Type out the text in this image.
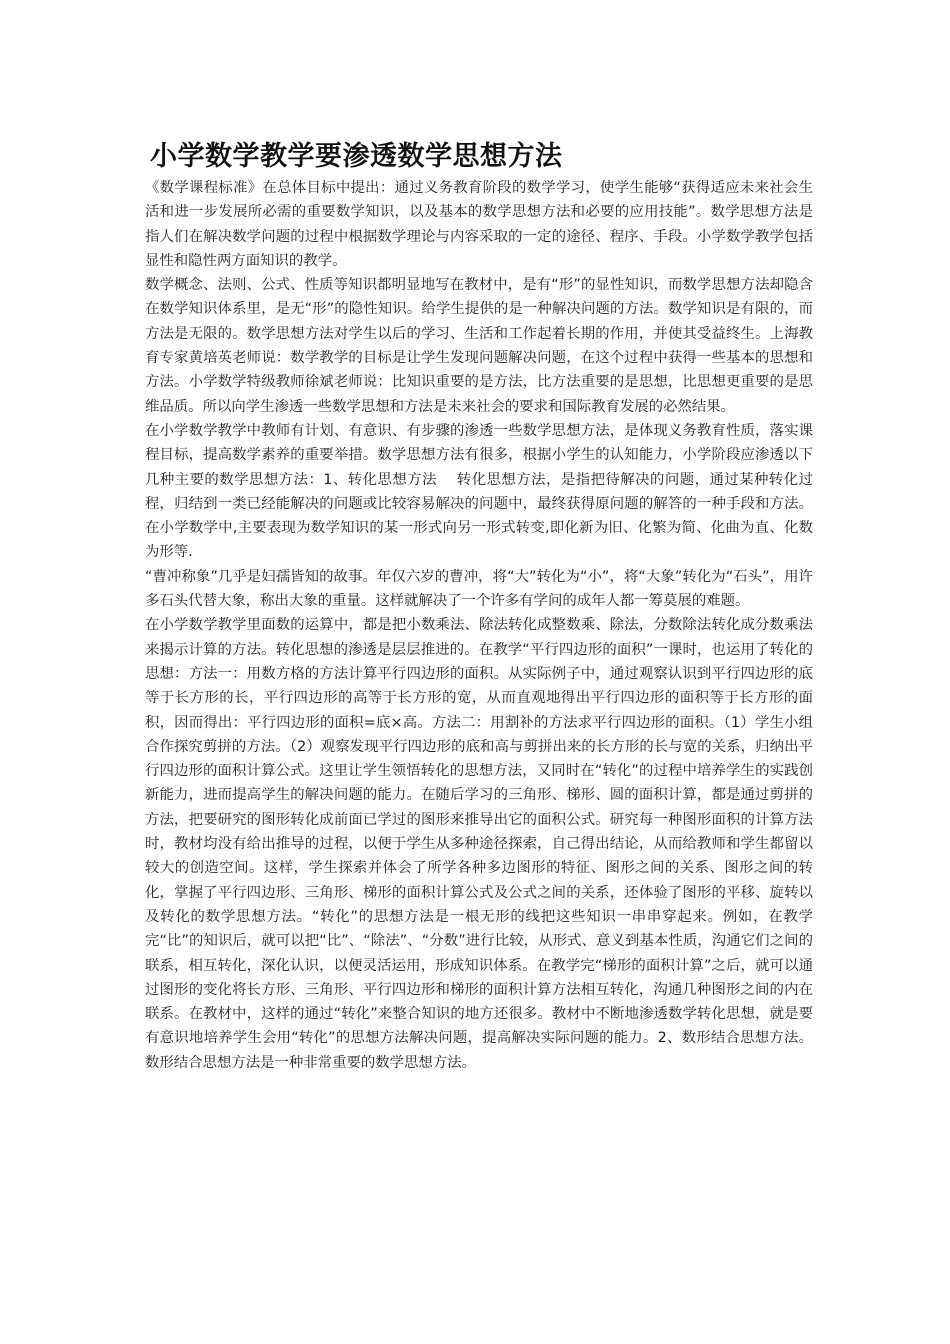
小学数学教学要渗透数学思想方法

《数学课程标准》在总体目标中提出：通过义务教育阶段的数学学习，使学生能够“获得适应未来社会生活和进一步发展所必需的重要数学知识，以及基本的数学思想方法和必要的应用技能”。数学思想方法是指人们在解决数学问题的过程中根据数学理论与内容采取的一定的途径、程序、手段。小学数学教学包括显性和隐性两方面知识的教学。

数学概念、法则、公式、性质等知识都明显地写在教材中，是有“形”的显性知识，而数学思想方法却隐含在数学知识体系里，是无“形”的隐性知识。给学生提供的是一种解决问题的方法。数学知识是有限的，而方法是无限的。数学思想方法对学生以后的学习、生活和工作起着长期的作用，并使其受益终生。上海教育专家黄培英老师说：数学教学的目标是让学生发现问题解决问题，在这个过程中获得一些基本的思想和方法。小学数学特级教师徐斌老师说：比知识重要的是方法，比方法重要的是思想，比思想更重要的是思维品质。所以向学生渗透一些数学思想和方法是未来社会的要求和国际教育发展的必然结果。

在小学数学教学中教师有计划、有意识、有步骤的渗透一些数学思想方法，是体现义务教育性质，落实课程目标，提高数学素养的重要举措。数学思想方法有很多，根据小学生的认知能力，小学阶段应渗透以下几种主要的数学思想方法：1、转化思想方法　 转化思想方法，是指把待解决的问题，通过某种转化过程，归结到一类已经能解决的问题或比较容易解决的问题中，最终获得原问题的解答的一种手段和方法。在小学数学中,主要表现为数学知识的某一形式向另一形式转变,即化新为旧、化繁为简、化曲为直、化数为形等.

“曹冲称象”几乎是妇孺皆知的故事。年仅六岁的曹冲，将“大”转化为“小”，将“大象”转化为“石头”，用许多石头代替大象，称出大象的重量。这样就解决了一个许多有学问的成年人都一筹莫展的难题。

在小学数学教学里面数的运算中，都是把小数乘法、除法转化成整数乘、除法，分数除法转化成分数乘法来揭示计算的方法。转化思想的渗透是层层推进的。在教学“平行四边形的面积”一课时，也运用了转化的思想：方法一：用数方格的方法计算平行四边形的面积。从实际例子中，通过观察认识到平行四边形的底等于长方形的长，平行四边形的高等于长方形的宽，从而直观地得出平行四边形的面积等于长方形的面积，因而得出：平行四边形的面积=底×高。方法二：用割补的方法求平行四边形的面积。（1）学生小组合作探究剪拼的方法。（2）观察发现平行四边形的底和高与剪拼出来的长方形的长与宽的关系，归纳出平行四边形的面积计算公式。这里让学生领悟转化的思想方法，又同时在“转化”的过程中培养学生的实践创新能力，进而提高学生的解决问题的能力。在随后学习的三角形、梯形、圆的面积计算，都是通过剪拼的方法，把要研究的图形转化成前面已学过的图形来推导出它的面积公式。研究每一种图形面积的计算方法时，教材均没有给出推导的过程，以便于学生从多种途径探索，自己得出结论，从而给教师和学生都留以较大的创造空间。这样，学生探索并体会了所学各种多边图形的特征、图形之间的关系、图形之间的转化，掌握了平行四边形、三角形、梯形的面积计算公式及公式之间的关系，还体验了图形的平移、旋转以及转化的数学思想方法。“转化”的思想方法是一根无形的线把这些知识一串串穿起来。例如，在教学完“比”的知识后，就可以把“比”、“除法”、“分数”进行比较，从形式、意义到基本性质，沟通它们之间的联系，相互转化，深化认识，以便灵活运用，形成知识体系。在教学完“梯形的面积计算”之后，就可以通过图形的变化将长方形、三角形、平行四边形和梯形的面积计算方法相互转化，沟通几种图形之间的内在联系。在教材中，这样的通过“转化”来整合知识的地方还很多。教材中不断地渗透数学转化思想，就是要有意识地培养学生会用“转化”的思想方法解决问题，提高解决实际问题的能力。2、数形结合思想方法。数形结合思想方法是一种非常重要的数学思想方法。
